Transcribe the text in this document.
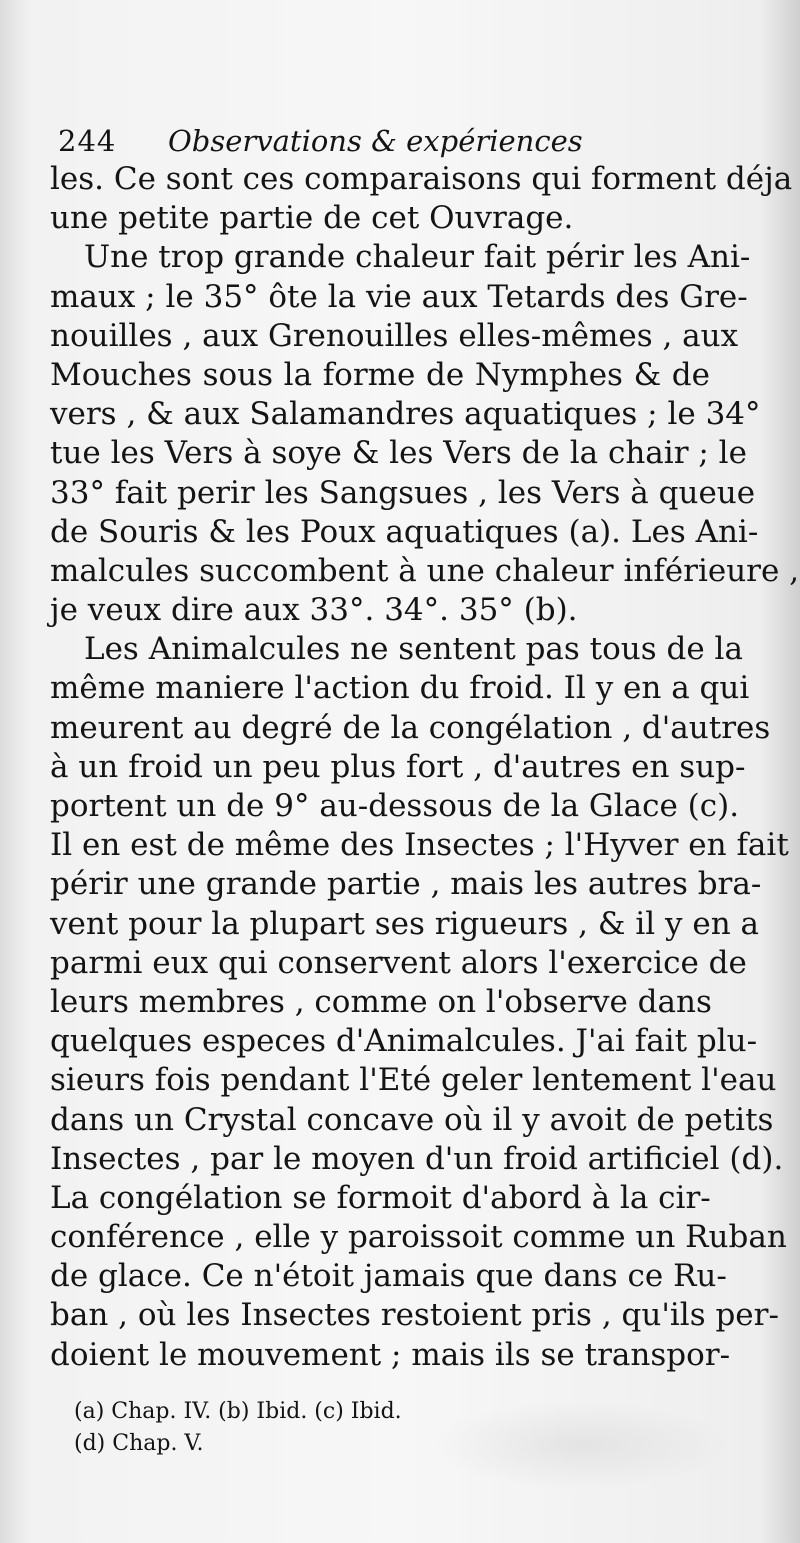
244 Observations & expériences
les. Ce sont ces comparaisons qui forment déja
une petite partie de cet Ouvrage.
Une trop grande chaleur fait périr les Ani-
maux ; le 35° ôte la vie aux Tetards des Gre-
nouilles , aux Grenouilles elles-mêmes , aux
Mouches sous la forme de Nymphes & de
vers , & aux Salamandres aquatiques ; le 34°
tue les Vers à soye & les Vers de la chair ; le
33° fait perir les Sangsues , les Vers à queue
de Souris & les Poux aquatiques (a). Les Ani-
malcules succombent à une chaleur inférieure ,
je veux dire aux 33°. 34°. 35° (b).
Les Animalcules ne sentent pas tous de la
même maniere l'action du froid. Il y en a qui
meurent au degré de la congélation , d'autres
à un froid un peu plus fort , d'autres en sup-
portent un de 9° au-dessous de la Glace (c).
Il en est de même des Insectes ; l'Hyver en fait
périr une grande partie , mais les autres bra-
vent pour la plupart ses rigueurs , & il y en a
parmi eux qui conservent alors l'exercice de
leurs membres , comme on l'observe dans
quelques especes d'Animalcules. J'ai fait plu-
sieurs fois pendant l'Eté geler lentement l'eau
dans un Crystal concave où il y avoit de petits
Insectes , par le moyen d'un froid artificiel (d).
La congélation se formoit d'abord à la cir-
conférence , elle y paroissoit comme un Ruban
de glace. Ce n'étoit jamais que dans ce Ru-
ban , où les Insectes restoient pris , qu'ils per-
doient le mouvement ; mais ils se transpor-
(a) Chap. IV. (b) Ibid. (c) Ibid.
(d) Chap. V.
